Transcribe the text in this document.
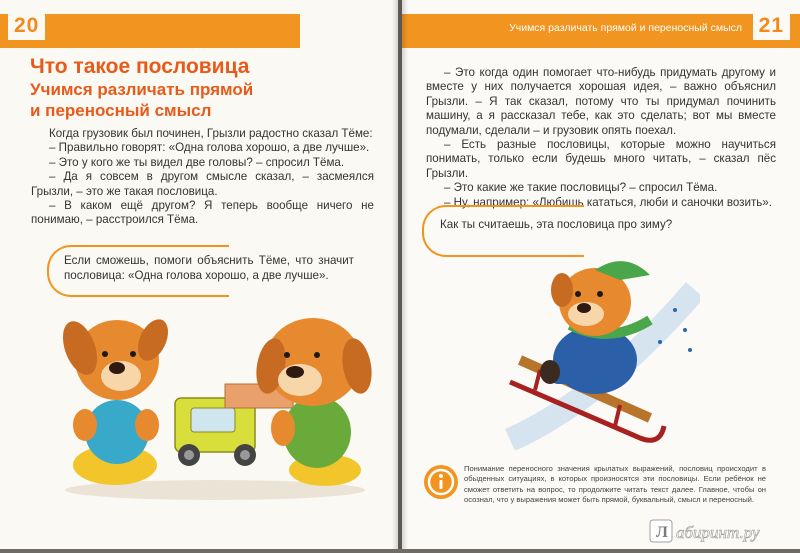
20
Что такое пословица
Учимся различать прямой
и переносный смысл

Когда грузовик был починен, Грызли радостно сказал Тёме:

– Правильно говорят: «Одна голова хорошо, а две лучше».

– Это у кого же ты видел две головы? – спросил Тёма.

– Да я совсем в другом смысле сказал, – засмеялся Грызли, – это же такая пословица.

– В каком ещё другом? Я теперь вообще ничего не понимаю, – расстроился Тёма.

Если сможешь, помоги объяснить Тёме, что значит пословица: «Одна голова хорошо, а две лучше».
Учимся различать прямой и переносный смысл 21

– Это когда один помогает что-нибудь придумать другому и вместе у них получается хорошая идея, – важно объяснил Грызли. – Я так сказал, потому что ты придумал починить машину, а я рассказал тебе, как это сделать; вот мы вместе подумали, сделали – и грузовик опять поехал.

– Есть разные пословицы, которые можно научиться понимать, только если будешь много читать, – сказал пёс Грызли.

– Это какие же такие пословицы? – спросил Тёма.

– Ну, например: «Любишь кататься, люби и саночки возить».

Как ты считаешь, эта пословица про зиму?
Понимание переносного значения крылатых выражений, пословиц происходит в обыденных ситуациях, в которых произносятся эти пословицы. Если ребёнок не сможет ответить на вопрос, то продолжите читать текст далее. Главное, чтобы он осознал, что у выражения может быть прямой, буквальный, смысл и переносный.
Л абиринт.ру
